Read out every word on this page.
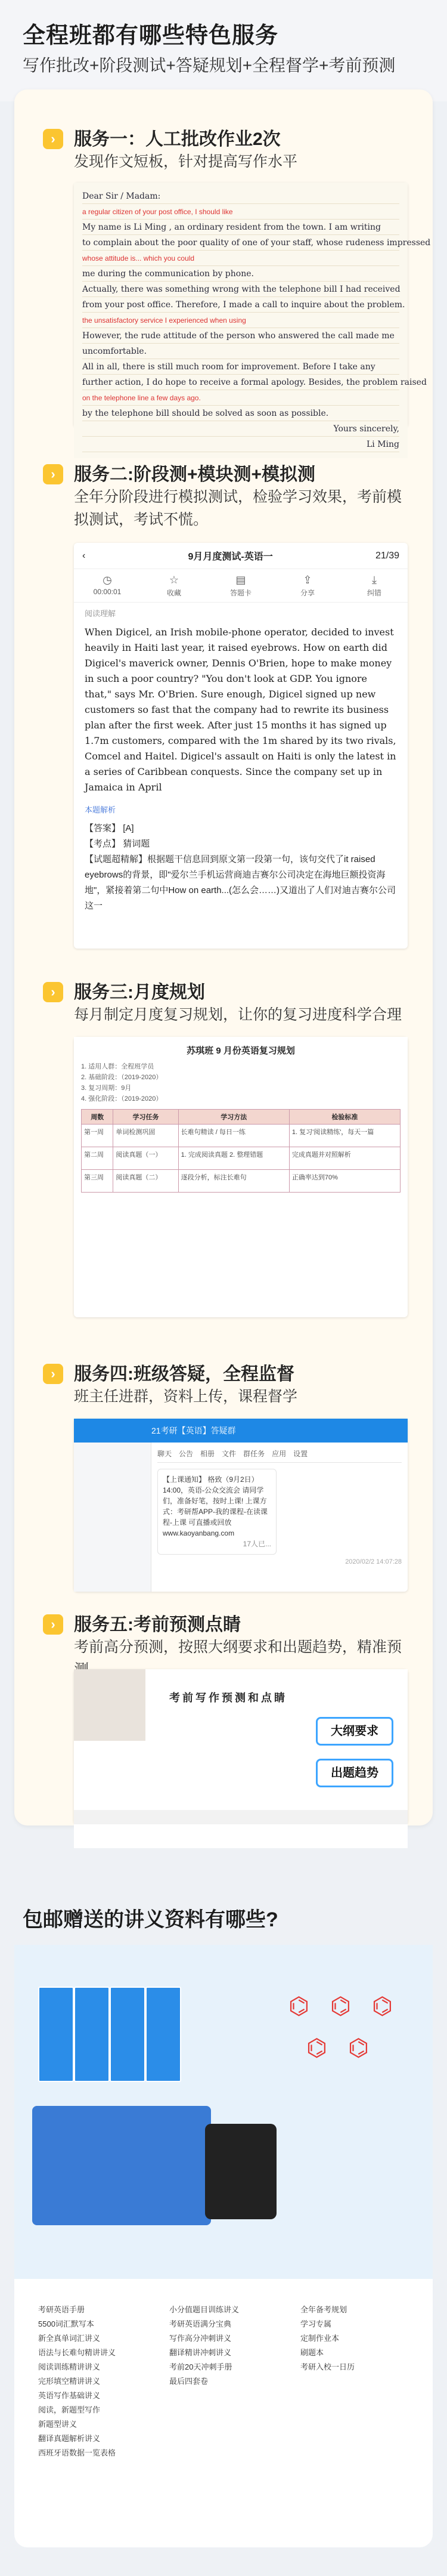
全程班都有哪些特色服务

写作批改+阶段测试+答疑规划+全程督学+考前预测

›	服务一：人工批改作业2次
发现作文短板，针对提高写作水平
Dear Sir / Madam:
a regular citizen of your post office, I should like
My name is Li Ming , an ordinary resident from the town. I am writing
to complain about the poor quality of one of your staff, whose rudeness impressed
whose attitude is... which you could
me during the communication by phone.
Actually, there was something wrong with the telephone bill I had received
from your post office. Therefore, I made a call to inquire about the problem.
the unsatisfactory service I experienced when using
However, the rude attitude of the person who answered the call made me
uncomfortable.
All in all, there is still much room for improvement. Before I take any
further action, I do hope to receive a formal apology. Besides, the problem raised
on the telephone line a few days ago.
by the telephone bill should be solved as soon as possible.
Yours sincerely,
Li Ming
›	服务二:阶段测+模块测+模拟测
全年分阶段进行模拟测试，检验学习效果，考前模拟测试，考试不慌。
‹	9月月度测试-英语一	21/39
◷
00:00:01
☆
收藏
▤
答题卡
⇪
分享
⤓
纠错
阅读理解
When Digicel, an Irish mobile-phone operator, decided to invest heavily in Haiti last year, it raised eyebrows. How on earth did Digicel's maverick owner, Dennis O'Brien, hope to make money in such a poor country? "You don't look at GDP. You ignore that," says Mr. O'Brien. Sure enough, Digicel signed up new customers so fast that the company had to rewrite its business plan after the first week. After just 15 months it has signed up 1.7m customers, compared with the 1m shared by its two rivals, Comcel and Haitel. Digicel's assault on Haiti is only the latest in a series of Caribbean conquests. Since the company set up in Jamaica in April
本题解析
【答案】 [A]
【考点】 猜词题
【试题超精解】根据题干信息回到原文第一段第一句，该句交代了it raised eyebrows的背景，即"爱尔兰手机运营商迪吉赛尔公司决定在海地巨额投资海地"，紧接着第二句中How on earth...(怎么会……)又道出了人们对迪吉赛尔公司这一
›	服务三:月度规划
每月制定月度复习规划，让你的复习进度科学合理
苏琪班 9 月份英语复习规划
1. 适用人群：全程班学员
2. 基础阶段：（2019-2020）
3. 复习周期：9月
4. 强化阶段：（2019-2020）
周数	学习任务	学习方法	检验标准
第一周	单词检测巩固	长难句精读 / 每日一练	1. 复习'阅读精练'，每天一篇
第二周	阅读真题（一）	1. 完成阅读真题 2. 整理错题	完成真题并对照解析
第三周	阅读真题（二）	逐段分析，标注长难句	正确率达到70%
›	服务四:班级答疑，全程监督
班主任进群，资料上传，课程督学
21考研【英语】答疑群
聊天 公告 相册 文件 群任务 应用 设置
【上课通知】 格致（9月2日） 14:00，英语-公众交流会 请同学们，准备好笔，按时上课! 上课方式：考研帮APP-我的课程-在读课程-上课 可直播或回放 www.kaoyanbang.com
17人已...
2020/02/2 14:07:28
›	服务五:考前预测点睛
考前高分预测，按照大纲要求和出题趋势，精准预
考前写作预测和点睛
大纲要求
出题趋势
包邮赠送的讲义资料有哪些?
⌬ ⌬ ⌬
⌬ ⌬
考研英语手册
5500词汇默写本
新全真单词汇讲义
语法与长难句精讲讲义
阅读训练精讲讲义
完形填空精讲讲义
英语写作基础讲义
阅读，新题型写作
新题型讲义
翻译真题解析讲义
西班牙语数据一览表格
小分值题目训练讲义
考研英语满分宝典
写作高分冲刺讲义
翻译精讲冲刺讲义
考前20天冲刺手册
最后四套卷
全年备考规划
学习专属
定制作业本
刷题本
考研入校一日历
